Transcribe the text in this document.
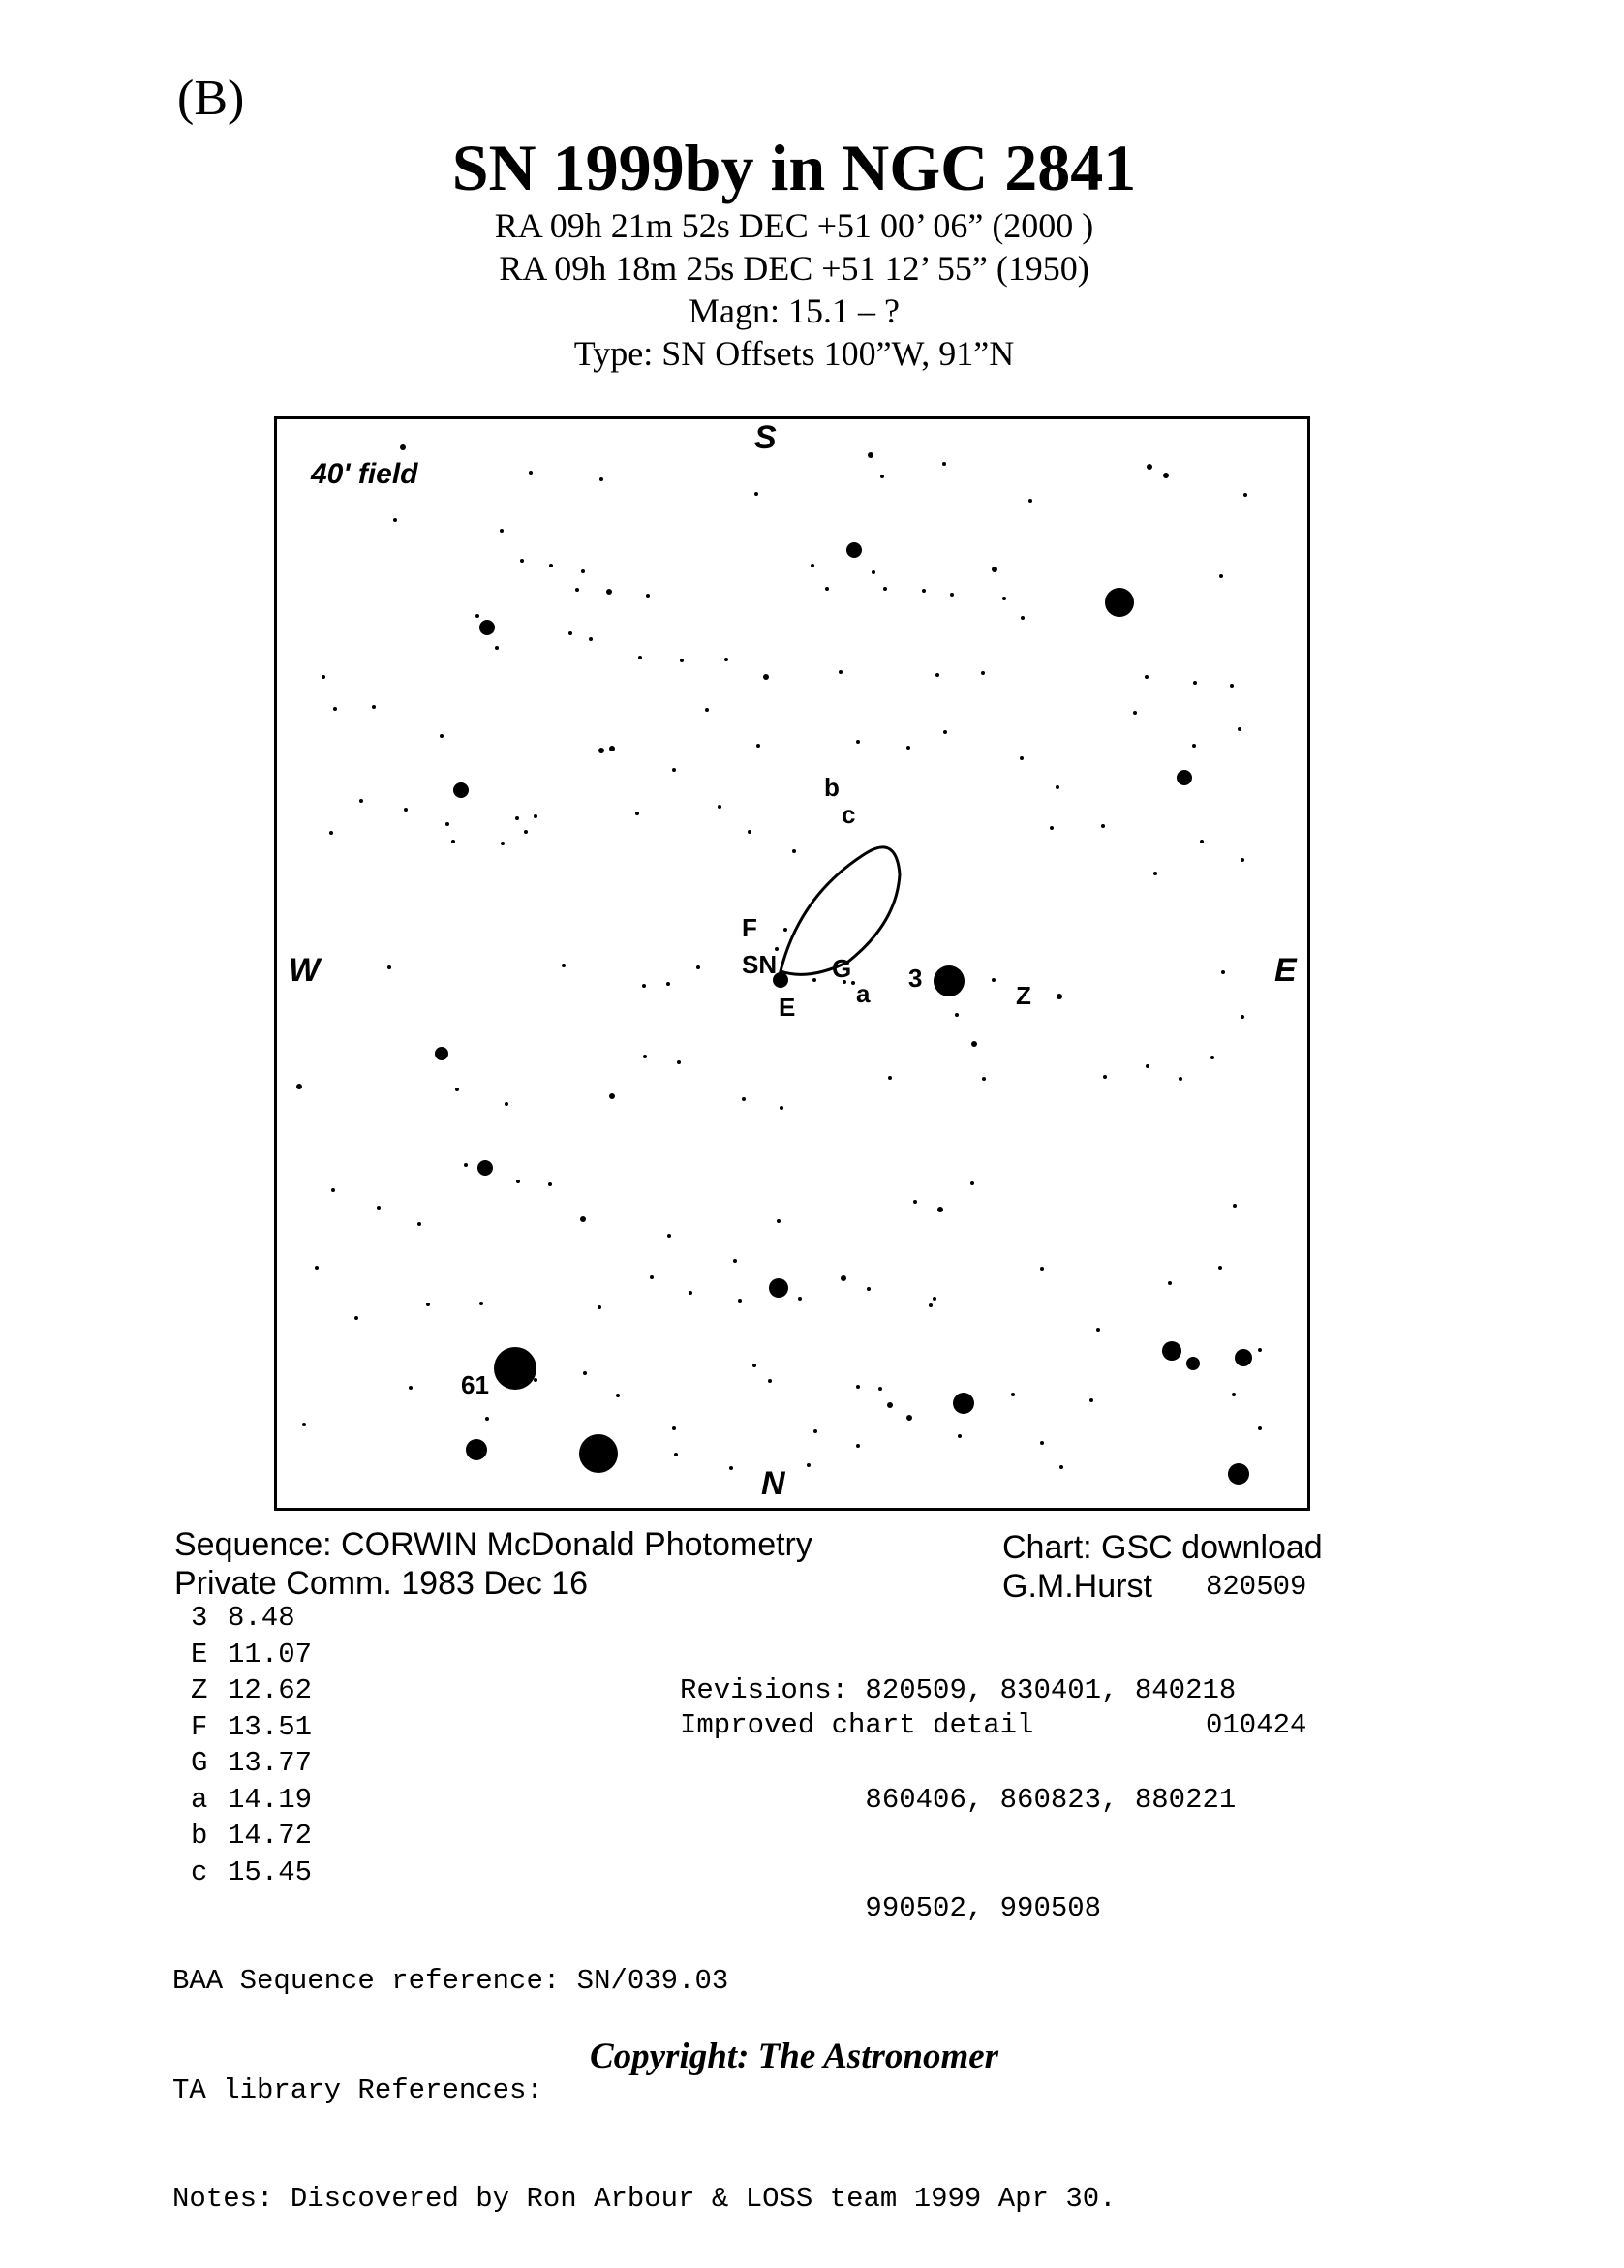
(B)
SN 1999by in NGC 2841
RA 09h 21m 52s DEC +51 00’ 06” (2000 )
RA 09h 18m 25s DEC +51 12’ 55” (1950)
Magn: 15.1 – ?
Type: SN Offsets 100”W, 91”N
40' field
S
N
W	E
b
c
F
SN G
E a
3
Z
61
Sequence: CORWIN McDonald Photometry
Private Comm. 1983 Dec 16
Chart: GSC download
G.M.Hurst	820509
3 8.48
E 11.07
Z 12.62
F 13.51
G 13.77
a 14.19
b 14.72
c 15.45

Revisions: 820509, 830401, 840218

860406, 860823, 880221

990502, 990508

Improved chart detail	010424

BAA Sequence reference: SN/039.03

TA library References:

Notes: Discovered by Ron Arbour & LOSS team 1999 Apr 30.

Copyright: The Astronomer
